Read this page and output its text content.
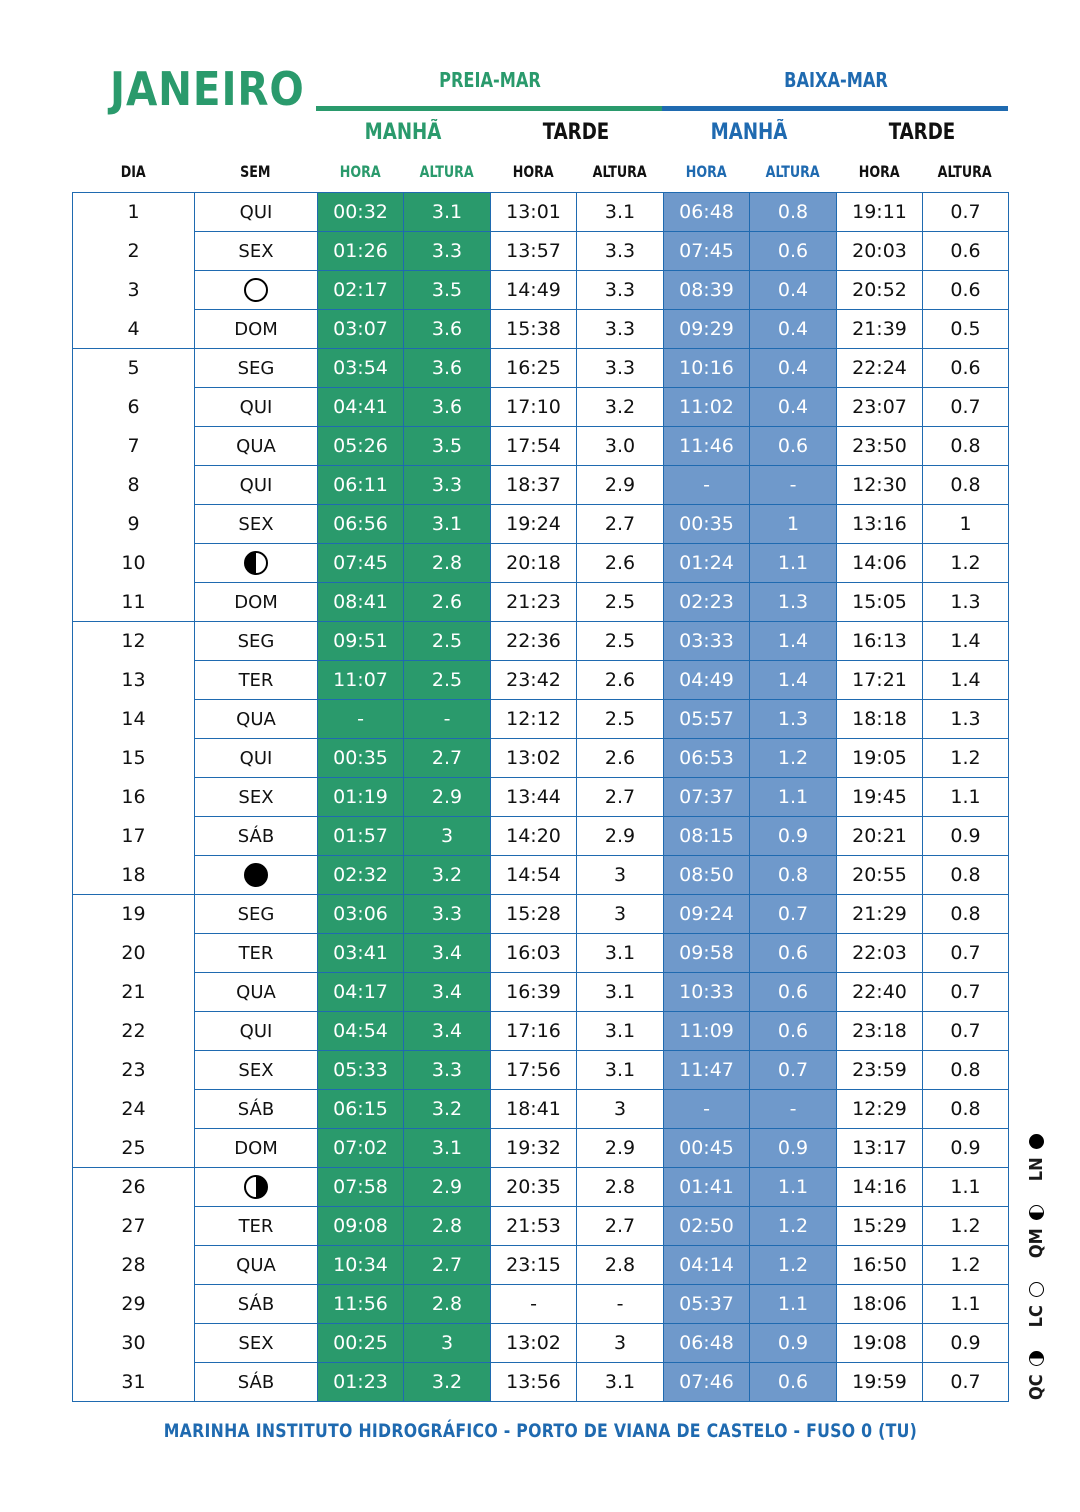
JANEIRO	PREIA-MAR	BAIXA-MAR
MANHÃ	TARDE	MANHÃ	TARDE
DIA	SEM	HORA	ALTURA	HORA	ALTURA	HORA	ALTURA	HORA	ALTURA
1	QUI	00:32	3.1	13:01	3.1	06:48	0.8	19:11	0.7
2	SEX	01:26	3.3	13:57	3.3	07:45	0.6	20:03	0.6
3		02:17	3.5	14:49	3.3	08:39	0.4	20:52	0.6
4	DOM	03:07	3.6	15:38	3.3	09:29	0.4	21:39	0.5
5	SEG	03:54	3.6	16:25	3.3	10:16	0.4	22:24	0.6
6	QUI	04:41	3.6	17:10	3.2	11:02	0.4	23:07	0.7
7	QUA	05:26	3.5	17:54	3.0	11:46	0.6	23:50	0.8
8	QUI	06:11	3.3	18:37	2.9	-	-	12:30	0.8
9	SEX	06:56	3.1	19:24	2.7	00:35	1	13:16	1
10		07:45	2.8	20:18	2.6	01:24	1.1	14:06	1.2
11	DOM	08:41	2.6	21:23	2.5	02:23	1.3	15:05	1.3
12	SEG	09:51	2.5	22:36	2.5	03:33	1.4	16:13	1.4
13	TER	11:07	2.5	23:42	2.6	04:49	1.4	17:21	1.4
14	QUA	-	-	12:12	2.5	05:57	1.3	18:18	1.3
15	QUI	00:35	2.7	13:02	2.6	06:53	1.2	19:05	1.2
16	SEX	01:19	2.9	13:44	2.7	07:37	1.1	19:45	1.1
17	SÁB	01:57	3	14:20	2.9	08:15	0.9	20:21	0.9
18		02:32	3.2	14:54	3	08:50	0.8	20:55	0.8
19	SEG	03:06	3.3	15:28	3	09:24	0.7	21:29	0.8
20	TER	03:41	3.4	16:03	3.1	09:58	0.6	22:03	0.7
21	QUA	04:17	3.4	16:39	3.1	10:33	0.6	22:40	0.7
22	QUI	04:54	3.4	17:16	3.1	11:09	0.6	23:18	0.7
23	SEX	05:33	3.3	17:56	3.1	11:47	0.7	23:59	0.8
24	SÁB	06:15	3.2	18:41	3	-	-	12:29	0.8
25	DOM	07:02	3.1	19:32	2.9	00:45	0.9	13:17	0.9
26		07:58	2.9	20:35	2.8	01:41	1.1	14:16	1.1
27	TER	09:08	2.8	21:53	2.7	02:50	1.2	15:29	1.2
28	QUA	10:34	2.7	23:15	2.8	04:14	1.2	16:50	1.2
29	SÁB	11:56	2.8	-	-	05:37	1.1	18:06	1.1
30	SEX	00:25	3	13:02	3	06:48	0.9	19:08	0.9
31	SÁB	01:23	3.2	13:56	3.1	07:46	0.6	19:59	0.7 QC
LC
QM
LN
MARINHA INSTITUTO HIDROGRÁFICO - PORTO DE VIANA DE CASTELO - FUSO 0 (TU)
